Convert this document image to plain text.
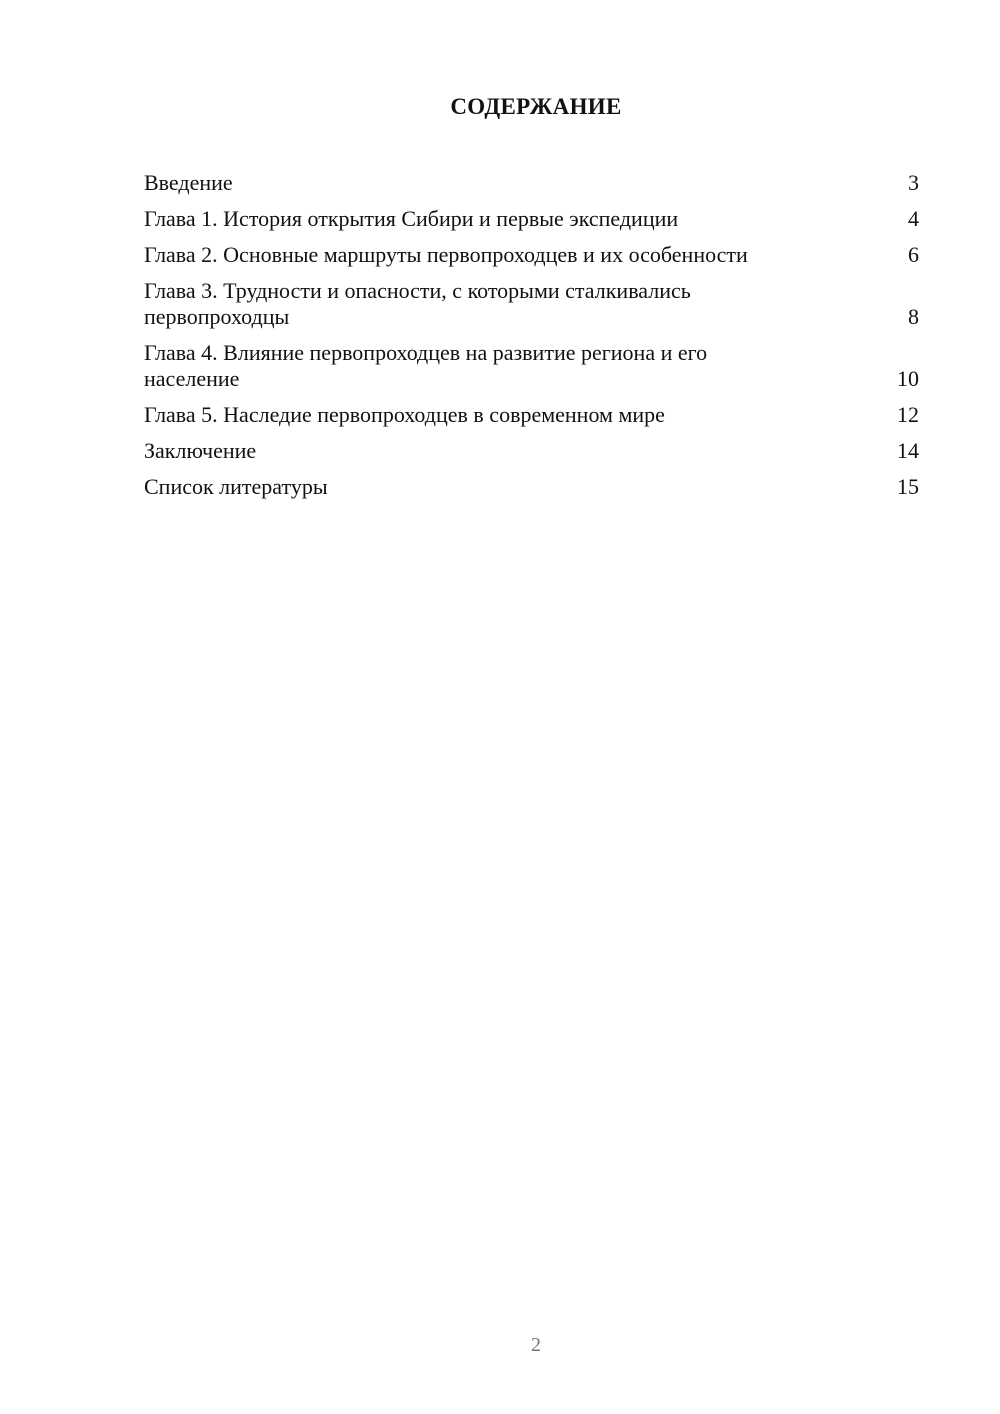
СОДЕРЖАНИЕ
Введение	3
Глава 1. История открытия Сибири и первые экспедиции	4
Глава 2. Основные маршруты первопроходцев и их особенности	6
Глава 3. Трудности и опасности, с которыми сталкивались первопроходцы	8
Глава 4. Влияние первопроходцев на развитие региона и его население	10
Глава 5. Наследие первопроходцев в современном мире	12
Заключение	14
Список литературы	15
2
